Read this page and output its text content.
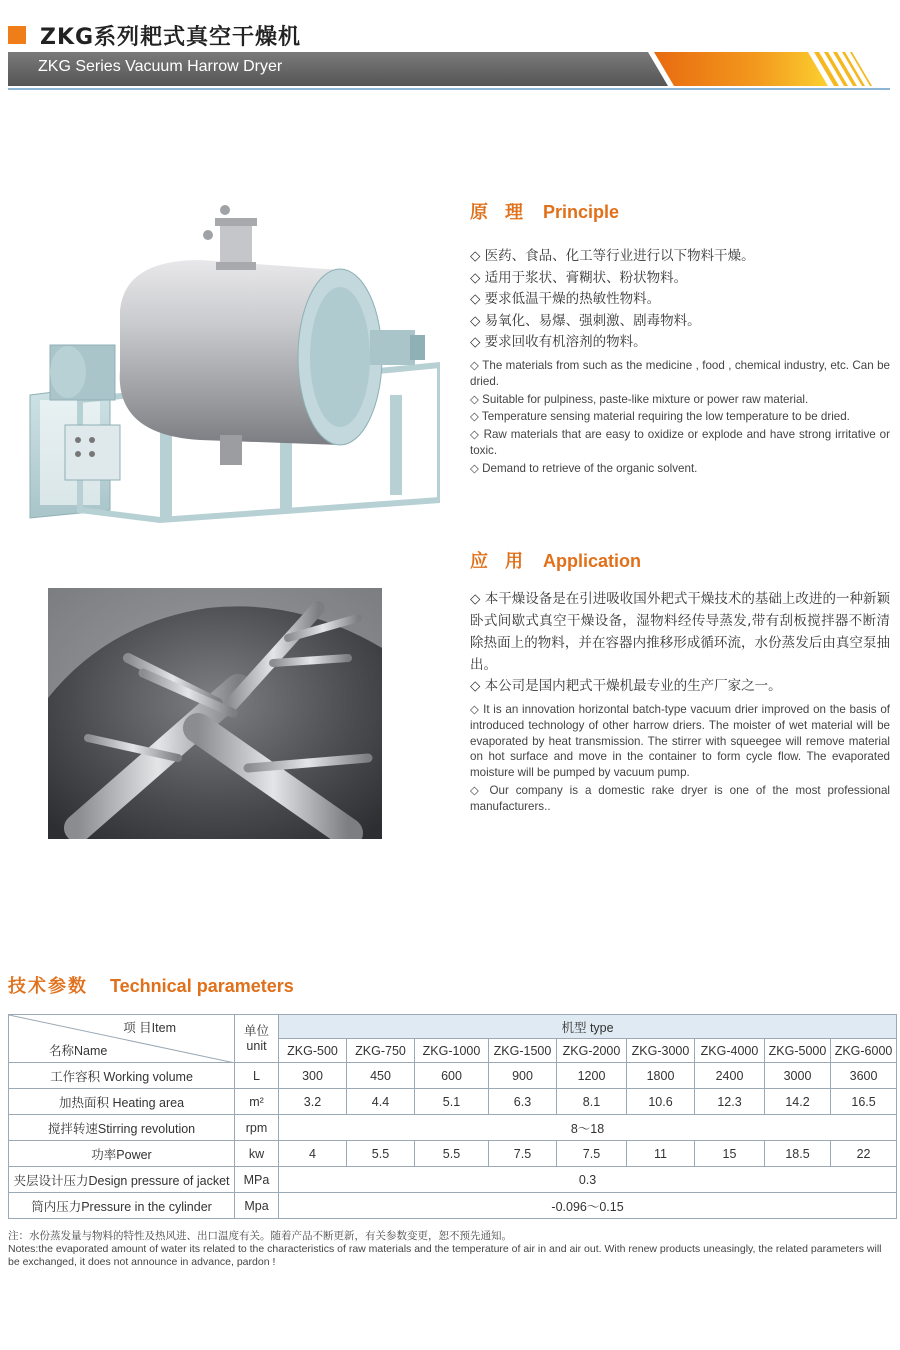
ZKG系列耙式真空干燥机
ZKG Series Vacuum Harrow Dryer
原 理 Principle
◇ 医药、食品、化工等行业进行以下物料干燥。
◇ 适用于浆状、膏糊状、粉状物料。
◇ 要求低温干燥的热敏性物料。
◇ 易氧化、易爆、强刺激、剧毒物料。
◇ 要求回收有机溶剂的物料。
◇ The materials from such as the medicine , food , chemical industry, etc. Can be dried.
◇ Suitable for pulpiness, paste-like mixture or power raw material.
◇ Temperature sensing material requiring the low temperature to be dried.
◇ Raw materials that are easy to oxidize or explode and have strong irritative or toxic.
◇ Demand to retrieve of the organic solvent.
应 用 Application
◇ 本干燥设备是在引进吸收国外耙式干燥技术的基础上改进的一种新颖卧式间歇式真空干燥设备，湿物料经传导蒸发,带有刮板搅拌器不断清除热面上的物料，并在容器内推移形成循环流，水份蒸发后由真空泵抽出。
◇ 本公司是国内耙式干燥机最专业的生产厂家之一。
◇ It is an innovation horizontal batch-type vacuum drier improved on the basis of introduced technology of other harrow driers. The moister of wet material will be evaporated by heat transmission. The stirrer with squeegee will remove material on hot surface and move in the container to form cycle flow. The evaporated moisture will be pumped by vacuum pump.
◇ Our company is a domestic rake dryer is one of the most professional manufacturers..
技术参数 Technical parameters
项 目Item
名称Name	单位
unit	机型 type								
		ZKG-500	ZKG-750	ZKG-1000	ZKG-1500	ZKG-2000	ZKG-3000	ZKG-4000	ZKG-5000	ZKG-6000
工作容积 Working volume	L	300	450	600	900	1200	1800	2400	3000	3600
加热面积 Heating area	m²	3.2	4.4	5.1	6.3	8.1	10.6	12.3	14.2	16.5
搅拌转速Stirring revolution	rpm	8～18								
功率Power	kw	4	5.5	5.5	7.5	7.5	11	15	18.5	22
夹层设计压力Design pressure of jacket	MPa	0.3								
筒内压力Pressure in the cylinder	Mpa	-0.096～0.15								
注：水份蒸发量与物料的特性及热风进、出口温度有关。随着产品不断更新，有关参数变更，恕不预先通知。
Notes:the evaporated amount of water its related to the characteristics of raw materials and the temperature of air in and air out. With renew products uneasingly, the related parameters will be exchanged, it does not announce in advance, pardon !
